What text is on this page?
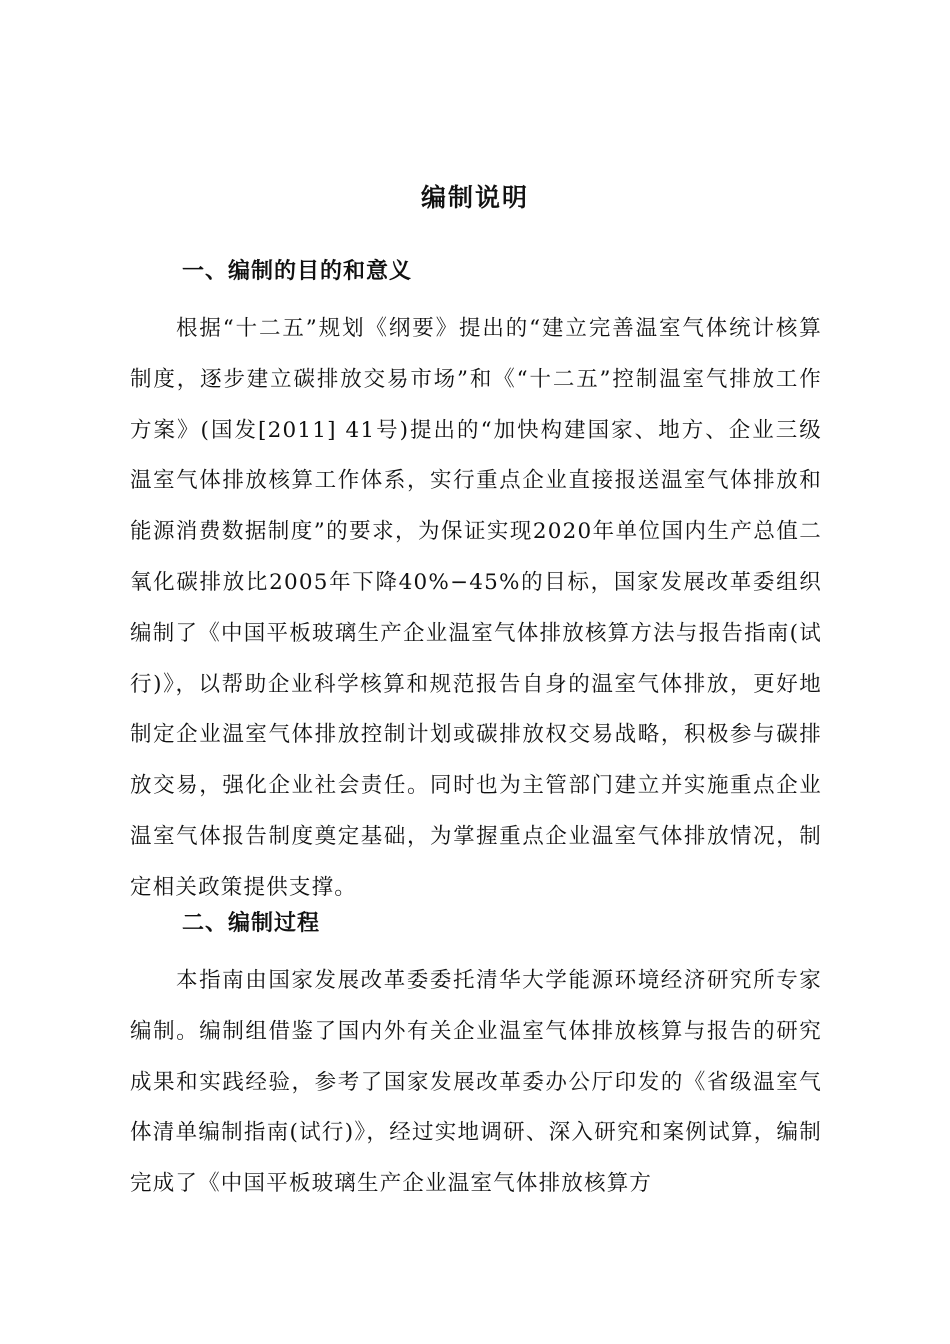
编制说明
一、编制的目的和意义

根据“十二五”规划《纲要》提出的“建立完善温室气体统计核算制度，逐步建立碳排放交易市场”和《“十二五”控制温室气排放工作方案》(国发[2011] 41号)提出的“加快构建国家、地方、企业三级温室气体排放核算工作体系，实行重点企业直接报送温室气体排放和能源消费数据制度”的要求，为保证实现2020年单位国内生产总值二氧化碳排放比2005年下降40%−45%的目标，国家发展改革委组织编制了《中国平板玻璃生产企业温室气体排放核算方法与报告指南(试行)》，以帮助企业科学核算和规范报告自身的温室气体排放，更好地制定企业温室气体排放控制计划或碳排放权交易战略，积极参与碳排放交易，强化企业社会责任。同时也为主管部门建立并实施重点企业温室气体报告制度奠定基础，为掌握重点企业温室气体排放情况，制定相关政策提供支撑。

二、编制过程

本指南由国家发展改革委委托清华大学能源环境经济研究所专家编制。编制组借鉴了国内外有关企业温室气体排放核算与报告的研究成果和实践经验，参考了国家发展改革委办公厅印发的《省级温室气体清单编制指南(试行)》，经过实地调研、深入研究和案例试算，编制完成了《中国平板玻璃生产企业温室气体排放核算方
